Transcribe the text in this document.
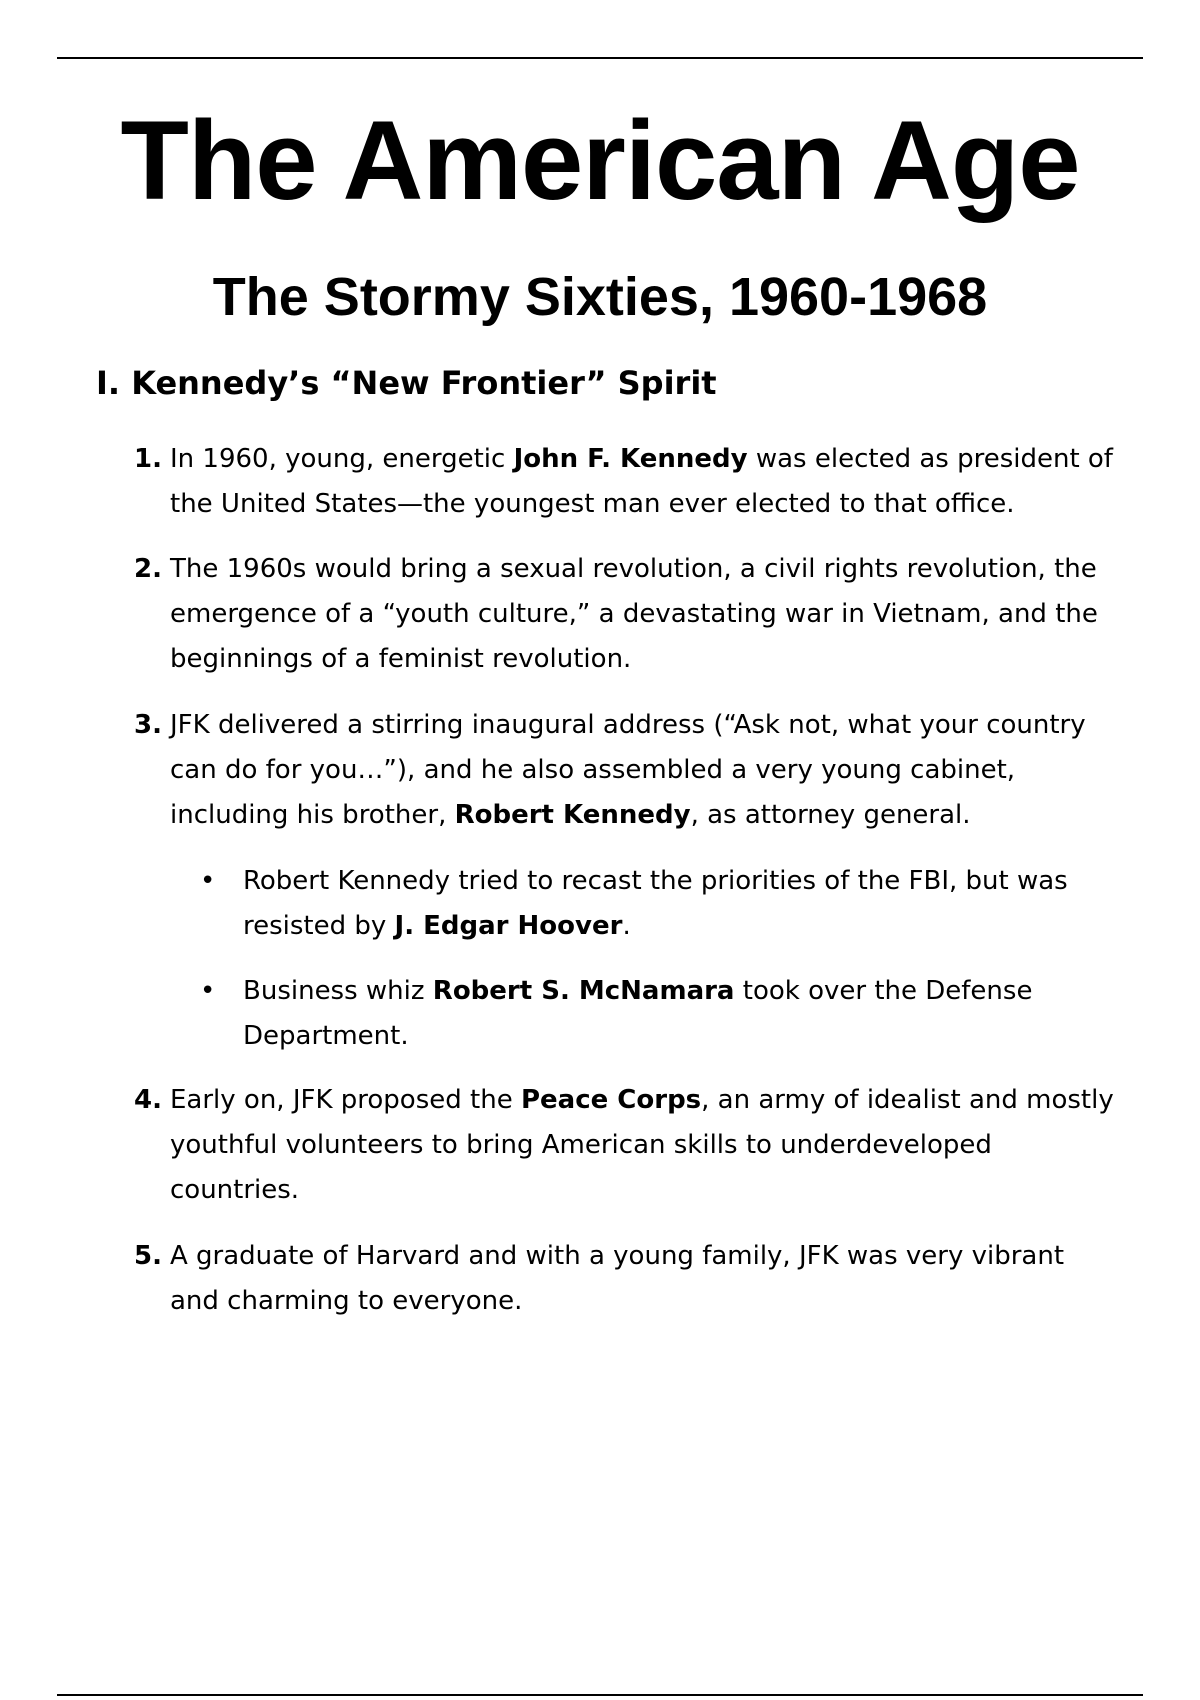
The American Age
The Stormy Sixties, 1960-1968
I. Kennedy’s “New Frontier” Spirit
1. In 1960, young, energetic John F. Kennedy was elected as president of the United States—the youngest man ever elected to that office.
2. The 1960s would bring a sexual revolution, a civil rights revolution, the emergence of a “youth culture,” a devastating war in Vietnam, and the beginnings of a feminist revolution.
3. JFK delivered a stirring inaugural address (“Ask not, what your country can do for you…”), and he also assembled a very young cabinet, including his brother, Robert Kennedy, as attorney general.
•	Robert Kennedy tried to recast the priorities of the FBI, but was resisted by J. Edgar Hoover.
•	Business whiz Robert S. McNamara took over the Defense Department.
4. Early on, JFK proposed the Peace Corps, an army of idealist and mostly youthful volunteers to bring American skills to underdeveloped countries.
5. A graduate of Harvard and with a young family, JFK was very vibrant and charming to everyone.
